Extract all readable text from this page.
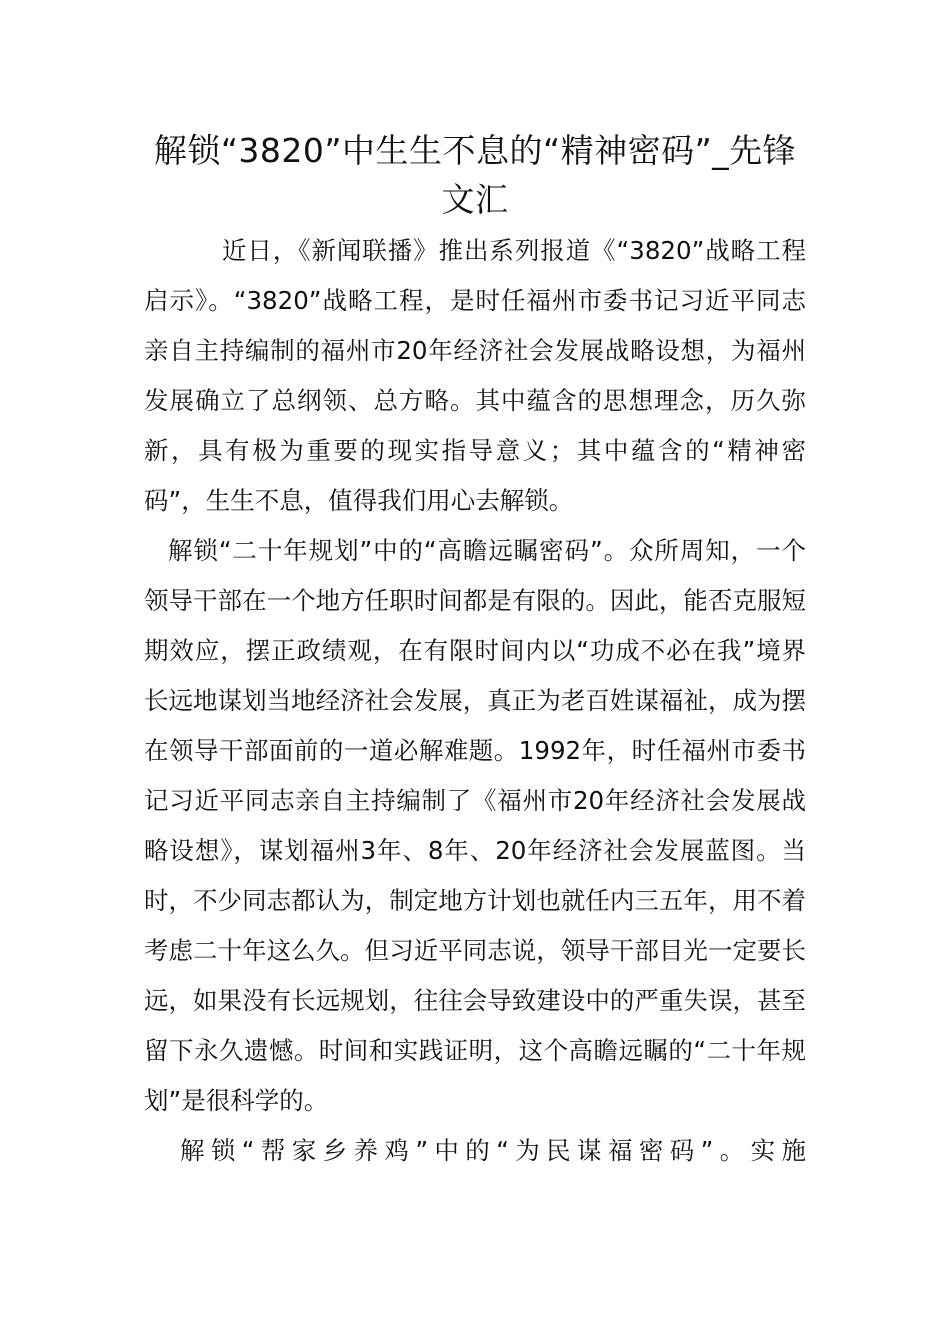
解锁“3820”中生生不息的“精神密码”_先锋文汇

近日，《新闻联播》推出系列报道《“3820”战略工程启示》。“3820”战略工程，是时任福州市委书记习近平同志亲自主持编制的福州市20年经济社会发展战略设想，为福州发展确立了总纲领、总方略。其中蕴含的思想理念，历久弥新，具有极为重要的现实指导意义；其中蕴含的“精神密码”，生生不息，值得我们用心去解锁。

解锁“二十年规划”中的“高瞻远瞩密码”。众所周知，一个领导干部在一个地方任职时间都是有限的。因此，能否克服短期效应，摆正政绩观，在有限时间内以“功成不必在我”境界长远地谋划当地经济社会发展，真正为老百姓谋福祉，成为摆在领导干部面前的一道必解难题。1992年，时任福州市委书记习近平同志亲自主持编制了《福州市20年经济社会发展战略设想》，谋划福州3年、8年、20年经济社会发展蓝图。当时，不少同志都认为，制定地方计划也就任内三五年，用不着考虑二十年这么久。但习近平同志说，领导干部目光一定要长远，如果没有长远规划，往往会导致建设中的严重失误，甚至留下永久遗憾。时间和实践证明，这个高瞻远瞩的“二十年规划”是很科学的。

解锁“帮家乡养鸡”中的“为民谋福密码”。实施
